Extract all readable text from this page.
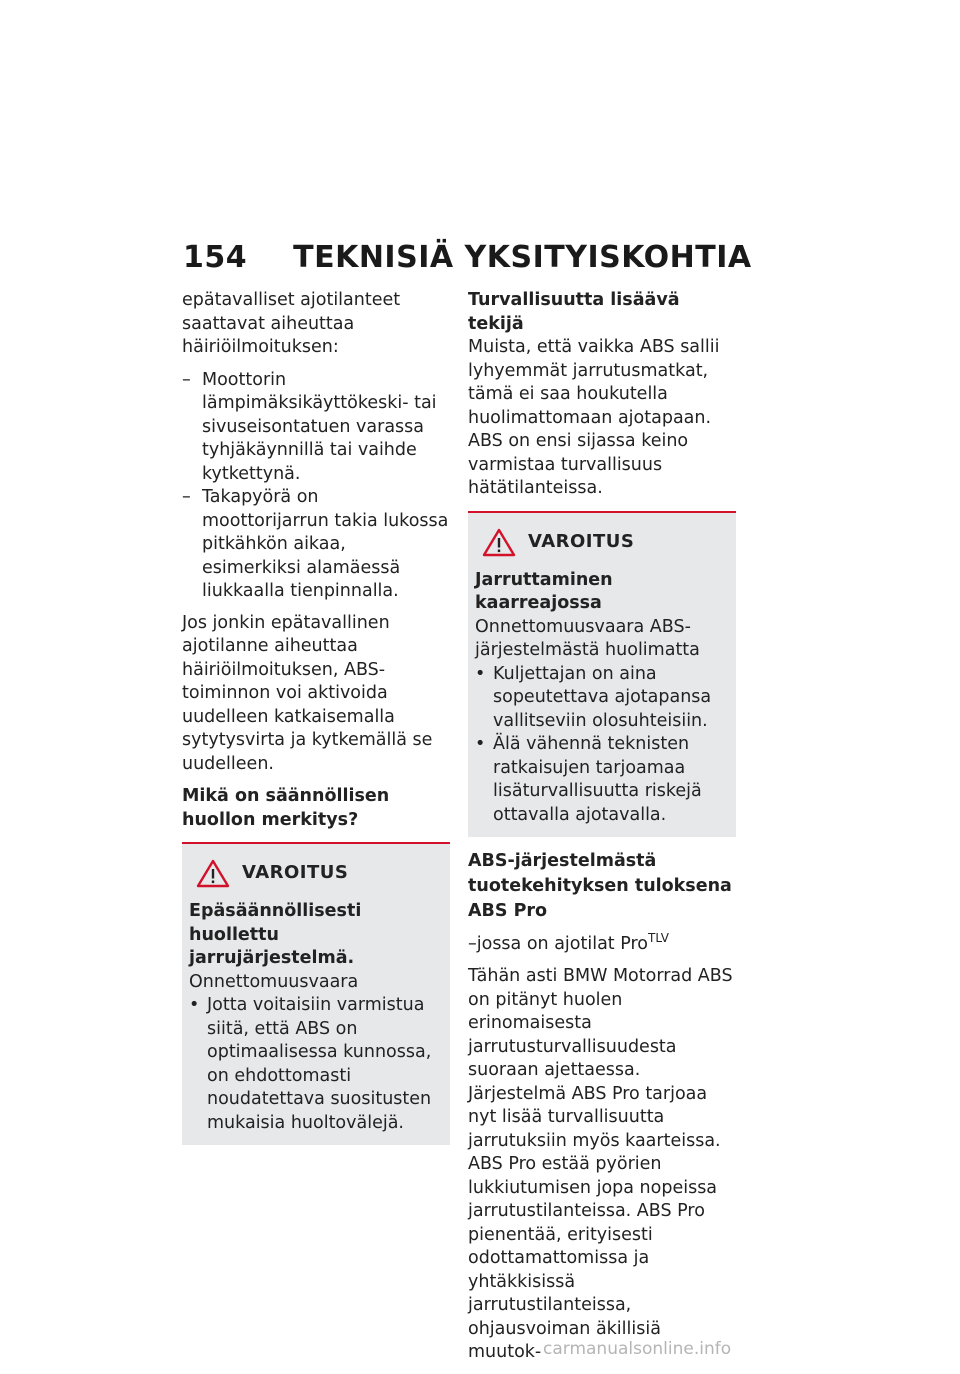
154 TEKNISIÄ YKSITYISKOHTIA

epätavalliset ajotilanteet saattavat aiheuttaa häiriöilmoituksen:

– Moottorin lämpimäksikäyttökeski- tai sivuseisontatuen varassa tyhjäkäynnillä tai vaihde kytkettynä.
– Takapyörä on moottorijarrun takia lukossa pitkähkön aikaa, esimerkiksi alamäessä liukkaalla tienpinnalla.

Jos jonkin epätavallinen ajotilanne aiheuttaa häiriöilmoituksen, ABS-toiminnon voi aktivoida uudelleen katkaisemalla sytytysvirta ja kytkemällä se uudelleen.

Mikä on säännöllisen huollon merkitys?
VAROITUS
Epäsäännöllisesti huollettu jarrujärjestelmä.
Onnettomuusvaara
• Jotta voitaisiin varmistua siitä, että ABS on optimaalisessa kunnossa, on ehdottomasti noudatettava suositusten mukaisia huoltovälejä.
Turvallisuutta lisäävä tekijä

Muista, että vaikka ABS sallii lyhyemmät jarrutusmatkat, tämä ei saa houkutella huolimattomaan ajotapaan. ABS on ensi sijassa keino varmistaa turvallisuus hätätilanteissa.

VAROITUS
Jarruttaminen kaarreajossa
Onnettomuusvaara ABS-järjestelmästä huolimatta
• Kuljettajan on aina sopeutettava ajotapansa vallitseviin olosuhteisiin.
• Älä vähennä teknisten ratkaisujen tarjoamaa lisäturvallisuutta riskejä ottavalla ajotavalla.
ABS-järjestelmästä tuotekehityksen tuloksena ABS Pro

–jossa on ajotilat Pro$^{TLV}$

Tähän asti BMW Motorrad ABS on pitänyt huolen erinomaisesta jarrutusturvallisuudesta suoraan ajettaessa. Järjestelmä ABS Pro tarjoaa nyt lisää turvallisuutta jarrutuksiin myös kaarteissa. ABS Pro estää pyörien lukkiutumisen jopa nopeissa jarrutustilanteissa. ABS Pro pienentää, erityisesti odottamattomissa ja yhtäkkisissä jarrutustilanteissa, ohjausvoiman äkillisiä muutok- carmanualsonline.info
